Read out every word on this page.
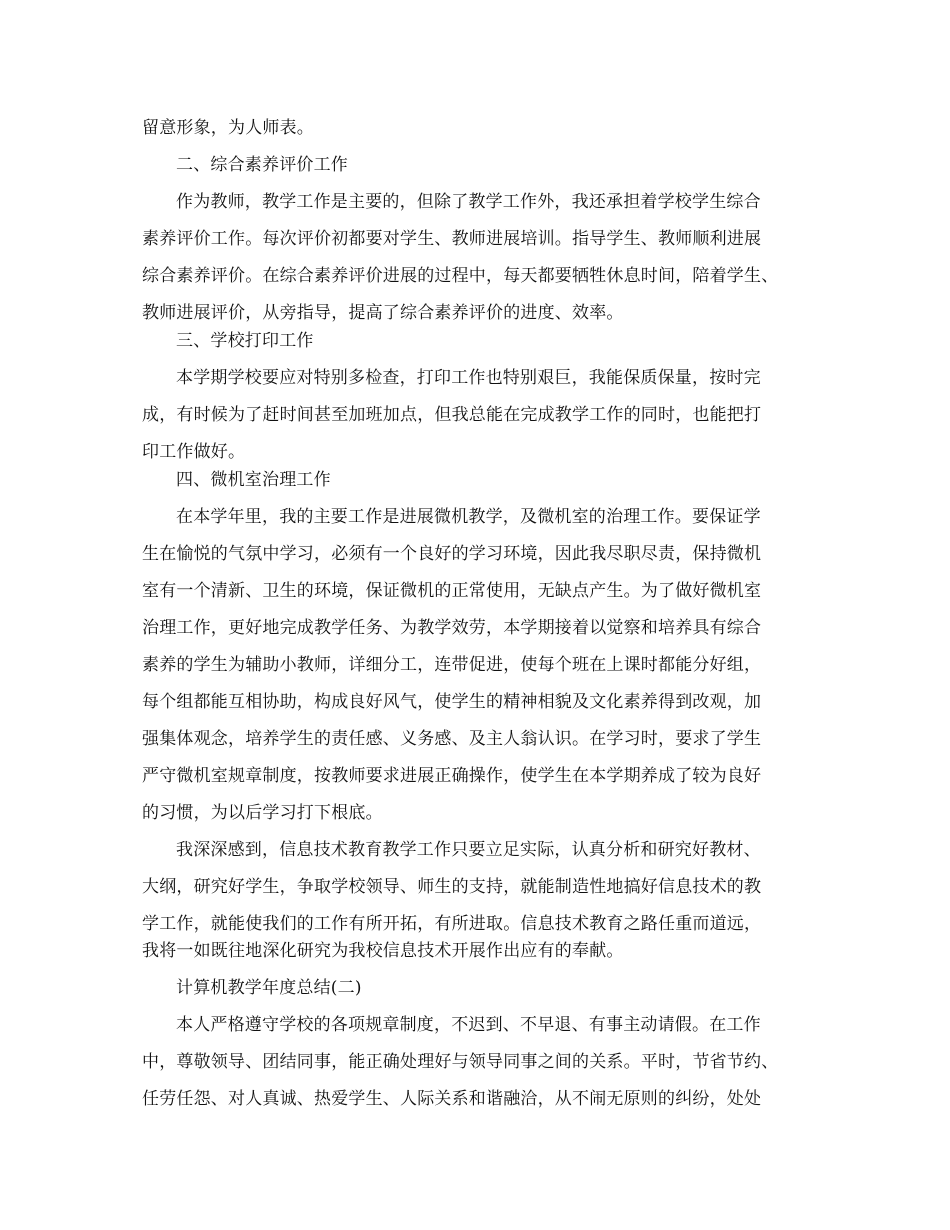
留意形象，为人师表。
二、综合素养评价工作
作为教师，教学工作是主要的，但除了教学工作外，我还承担着学校学生综合
素养评价工作。每次评价初都要对学生、教师进展培训。指导学生、教师顺利进展
综合素养评价。在综合素养评价进展的过程中，每天都要牺牲休息时间，陪着学生、
教师进展评价，从旁指导，提高了综合素养评价的进度、效率。
三、学校打印工作
本学期学校要应对特别多检查，打印工作也特别艰巨，我能保质保量，按时完
成，有时候为了赶时间甚至加班加点，但我总能在完成教学工作的同时，也能把打
印工作做好。
四、微机室治理工作
在本学年里，我的主要工作是进展微机教学，及微机室的治理工作。要保证学
生在愉悦的气氛中学习，必须有一个良好的学习环境，因此我尽职尽责，保持微机
室有一个清新、卫生的环境，保证微机的正常使用，无缺点产生。为了做好微机室
治理工作，更好地完成教学任务、为教学效劳，本学期接着以觉察和培养具有综合
素养的学生为辅助小教师，详细分工，连带促进，使每个班在上课时都能分好组，
每个组都能互相协助，构成良好风气，使学生的精神相貌及文化素养得到改观，加
强集体观念，培养学生的责任感、义务感、及主人翁认识。在学习时，要求了学生
严守微机室规章制度，按教师要求进展正确操作，使学生在本学期养成了较为良好
的习惯，为以后学习打下根底。
我深深感到，信息技术教育教学工作只要立足实际，认真分析和研究好教材、
大纲，研究好学生，争取学校领导、师生的支持，就能制造性地搞好信息技术的教
学工作，就能使我们的工作有所开拓，有所进取。信息技术教育之路任重而道远，
我将一如既往地深化研究为我校信息技术开展作出应有的奉献。
计算机教学年度总结(二)
本人严格遵守学校的各项规章制度，不迟到、不早退、有事主动请假。在工作
中，尊敬领导、团结同事，能正确处理好与领导同事之间的关系。平时，节省节约、
任劳任怨、对人真诚、热爱学生、人际关系和谐融洽，从不闹无原则的纠纷，处处
